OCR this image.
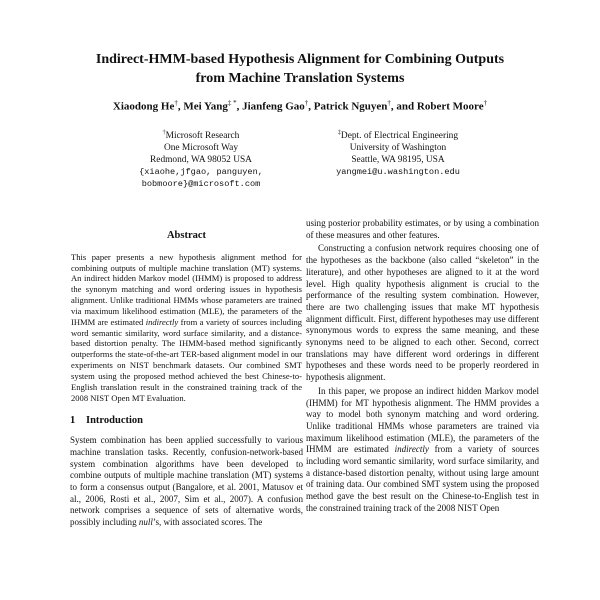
Indirect-HMM-based Hypothesis Alignment for Combining Outputs
from Machine Translation Systems
Xiaodong He†, Mei Yang‡ *, Jianfeng Gao†, Patrick Nguyen†, and Robert Moore†
†Microsoft Research
One Microsoft Way
Redmond, WA 98052 USA
{xiaohe,jfgao, panguyen,
bobmoore}@microsoft.com
‡Dept. of Electrical Engineering
University of Washington
Seattle, WA 98195, USA
yangmei@u.washington.edu
Abstract

This paper presents a new hypothesis alignment method for combining outputs of multiple machine translation (MT) systems. An indirect hidden Markov model (IHMM) is proposed to address the synonym matching and word ordering issues in hypothesis alignment. Unlike traditional HMMs whose parameters are trained via maximum likelihood estimation (MLE), the parameters of the IHMM are estimated indirectly from a variety of sources including word semantic similarity, word surface similarity, and a distance-based distortion penalty. The IHMM-based method significantly outperforms the state-of-the-art TER-based alignment model in our experiments on NIST benchmark datasets. Our combined SMT system using the proposed method achieved the best Chinese-to-English translation result in the constrained training track of the 2008 NIST Open MT Evaluation.

1 Introduction

System combination has been applied successfully to various machine translation tasks. Recently, confusion-network-based system combination algorithms have been developed to combine outputs of multiple machine translation (MT) systems to form a consensus output (Bangalore, et al. 2001, Matusov et al., 2006, Rosti et al., 2007, Sim et al., 2007). A confusion network comprises a sequence of sets of alternative words, possibly including null’s, with associated scores. The

using posterior probability estimates, or by using a combination of these measures and other features.

Constructing a confusion network requires choosing one of the hypotheses as the backbone (also called “skeleton” in the literature), and other hypotheses are aligned to it at the word level. High quality hypothesis alignment is crucial to the performance of the resulting system combination. However, there are two challenging issues that make MT hypothesis alignment difficult. First, different hypotheses may use different synonymous words to express the same meaning, and these synonyms need to be aligned to each other. Second, correct translations may have different word orderings in different hypotheses and these words need to be properly reordered in hypothesis alignment.

In this paper, we propose an indirect hidden Markov model (IHMM) for MT hypothesis alignment. The HMM provides a way to model both synonym matching and word ordering. Unlike traditional HMMs whose parameters are trained via maximum likelihood estimation (MLE), the parameters of the IHMM are estimated indirectly from a variety of sources including word semantic similarity, word surface similarity, and a distance-based distortion penalty, without using large amount of training data. Our combined SMT system using the proposed method gave the best result on the Chinese-to-English test in the constrained training track of the 2008 NIST Open
